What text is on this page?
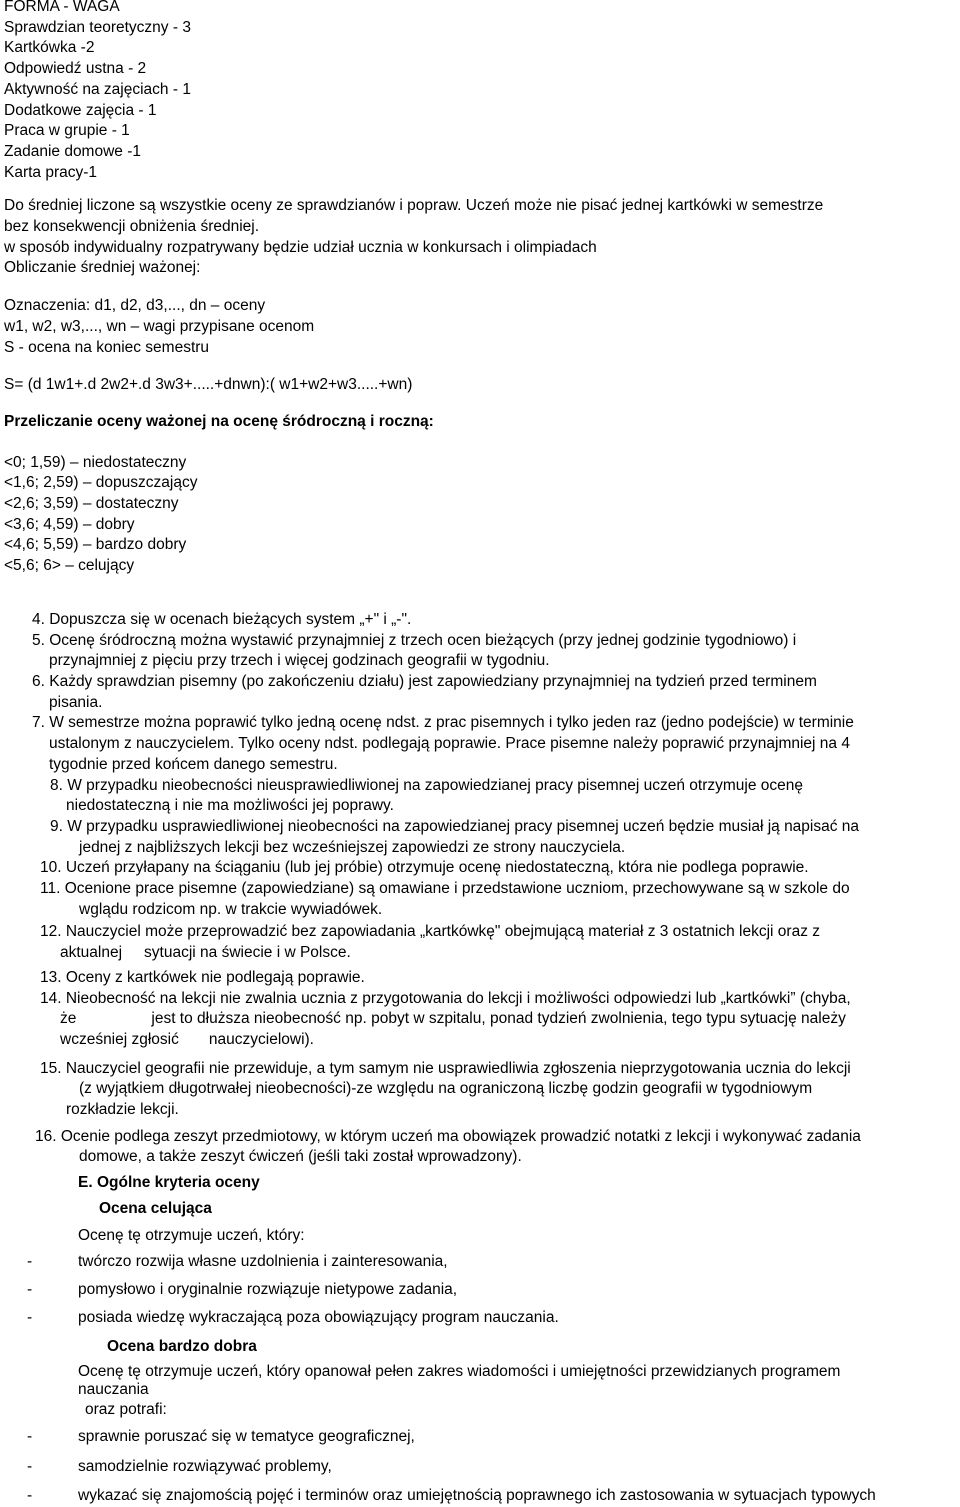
FORMA - WAGA
Sprawdzian teoretyczny - 3
Kartkówka -2
Odpowiedź ustna - 2
Aktywność na zajęciach - 1
Dodatkowe zajęcia - 1
Praca w grupie - 1
Zadanie domowe -1
Karta pracy-1
Do średniej liczone są wszystkie oceny ze sprawdzianów i popraw. Uczeń może nie pisać jednej kartkówki w semestrze
bez konsekwencji obniżenia średniej.
w sposób indywidualny rozpatrywany będzie udział ucznia w konkursach i olimpiadach
Obliczanie średniej ważonej:
Oznaczenia: d1, d2, d3,..., dn – oceny
w1, w2, w3,..., wn – wagi przypisane ocenom
S - ocena na koniec semestru
S= (d 1w1+.d 2w2+.d 3w3+.....+dnwn):( w1+w2+w3.....+wn)
Przeliczanie oceny ważonej na ocenę śródroczną i roczną:
<0; 1,59) – niedostateczny
<1,6; 2,59) – dopuszczający
<2,6; 3,59) – dostateczny
<3,6; 4,59) – dobry
<4,6; 5,59) – bardzo dobry
<5,6; 6> – celujący
4. Dopuszcza się w ocenach bieżących system „+" i „-".
5. Ocenę śródroczną można wystawić przynajmniej z trzech ocen bieżących (przy jednej godzinie tygodniowo) i
przynajmniej z pięciu przy trzech i więcej godzinach geografii w tygodniu.
6. Każdy sprawdzian pisemny (po zakończeniu działu) jest zapowiedziany przynajmniej na tydzień przed terminem
pisania.
7. W semestrze można poprawić tylko jedną ocenę ndst. z prac pisemnych i tylko jeden raz (jedno podejście) w terminie
ustalonym z nauczycielem. Tylko oceny ndst. podlegają poprawie. Prace pisemne należy poprawić przynajmniej na 4
tygodnie przed końcem danego semestru.
8. W przypadku nieobecności nieusprawiedliwionej na zapowiedzianej pracy pisemnej uczeń otrzymuje ocenę
niedostateczną i nie ma możliwości jej poprawy.
9. W przypadku usprawiedliwionej nieobecności na zapowiedzianej pracy pisemnej uczeń będzie musiał ją napisać na
jednej z najbliższych lekcji bez wcześniejszej zapowiedzi ze strony nauczyciela.
10. Uczeń przyłapany na ściąganiu (lub jej próbie) otrzymuje ocenę niedostateczną, która nie podlega poprawie.
11. Ocenione prace pisemne (zapowiedziane) są omawiane i przedstawione uczniom, przechowywane są w szkole do
wglądu rodzicom np. w trakcie wywiadówek.
12. Nauczyciel może przeprowadzić bez zapowiadania „kartkówkę" obejmującą materiał z 3 ostatnich lekcji oraz z
aktualnej sytuacji na świecie i w Polsce.
13. Oceny z kartkówek nie podlegają poprawie.
14. Nieobecność na lekcji nie zwalnia ucznia z przygotowania do lekcji i możliwości odpowiedzi lub „kartkówki” (chyba,
że	jest to dłuższa nieobecność np. pobyt w szpitalu, ponad tydzień zwolnienia, tego typu sytuację należy
wcześniej zgłosić nauczycielowi).
15. Nauczyciel geografii nie przewiduje, a tym samym nie usprawiedliwia zgłoszenia nieprzygotowania ucznia do lekcji
(z wyjątkiem długotrwałej nieobecności)-ze względu na ograniczoną liczbę godzin geografii w tygodniowym
rozkładzie lekcji.
16. Ocenie podlega zeszyt przedmiotowy, w którym uczeń ma obowiązek prowadzić notatki z lekcji i wykonywać zadania
domowe, a także zeszyt ćwiczeń (jeśli taki został wprowadzony).
E. Ogólne kryteria oceny
Ocena celująca
Ocenę tę otrzymuje uczeń, który:
-	twórczo rozwija własne uzdolnienia i zainteresowania,
-	pomysłowo i oryginalnie rozwiązuje nietypowe zadania,
-	posiada wiedzę wykraczającą poza obowiązujący program nauczania.
Ocena bardzo dobra
Ocenę tę otrzymuje uczeń, który opanował pełen zakres wiadomości i umiejętności przewidzianych programem
nauczania
oraz potrafi:
-	sprawnie poruszać się w tematyce geograficznej,
-	samodzielnie rozwiązywać problemy,
-	wykazać się znajomością pojęć i terminów oraz umiejętnością poprawnego ich zastosowania w sytuacjach typowych
